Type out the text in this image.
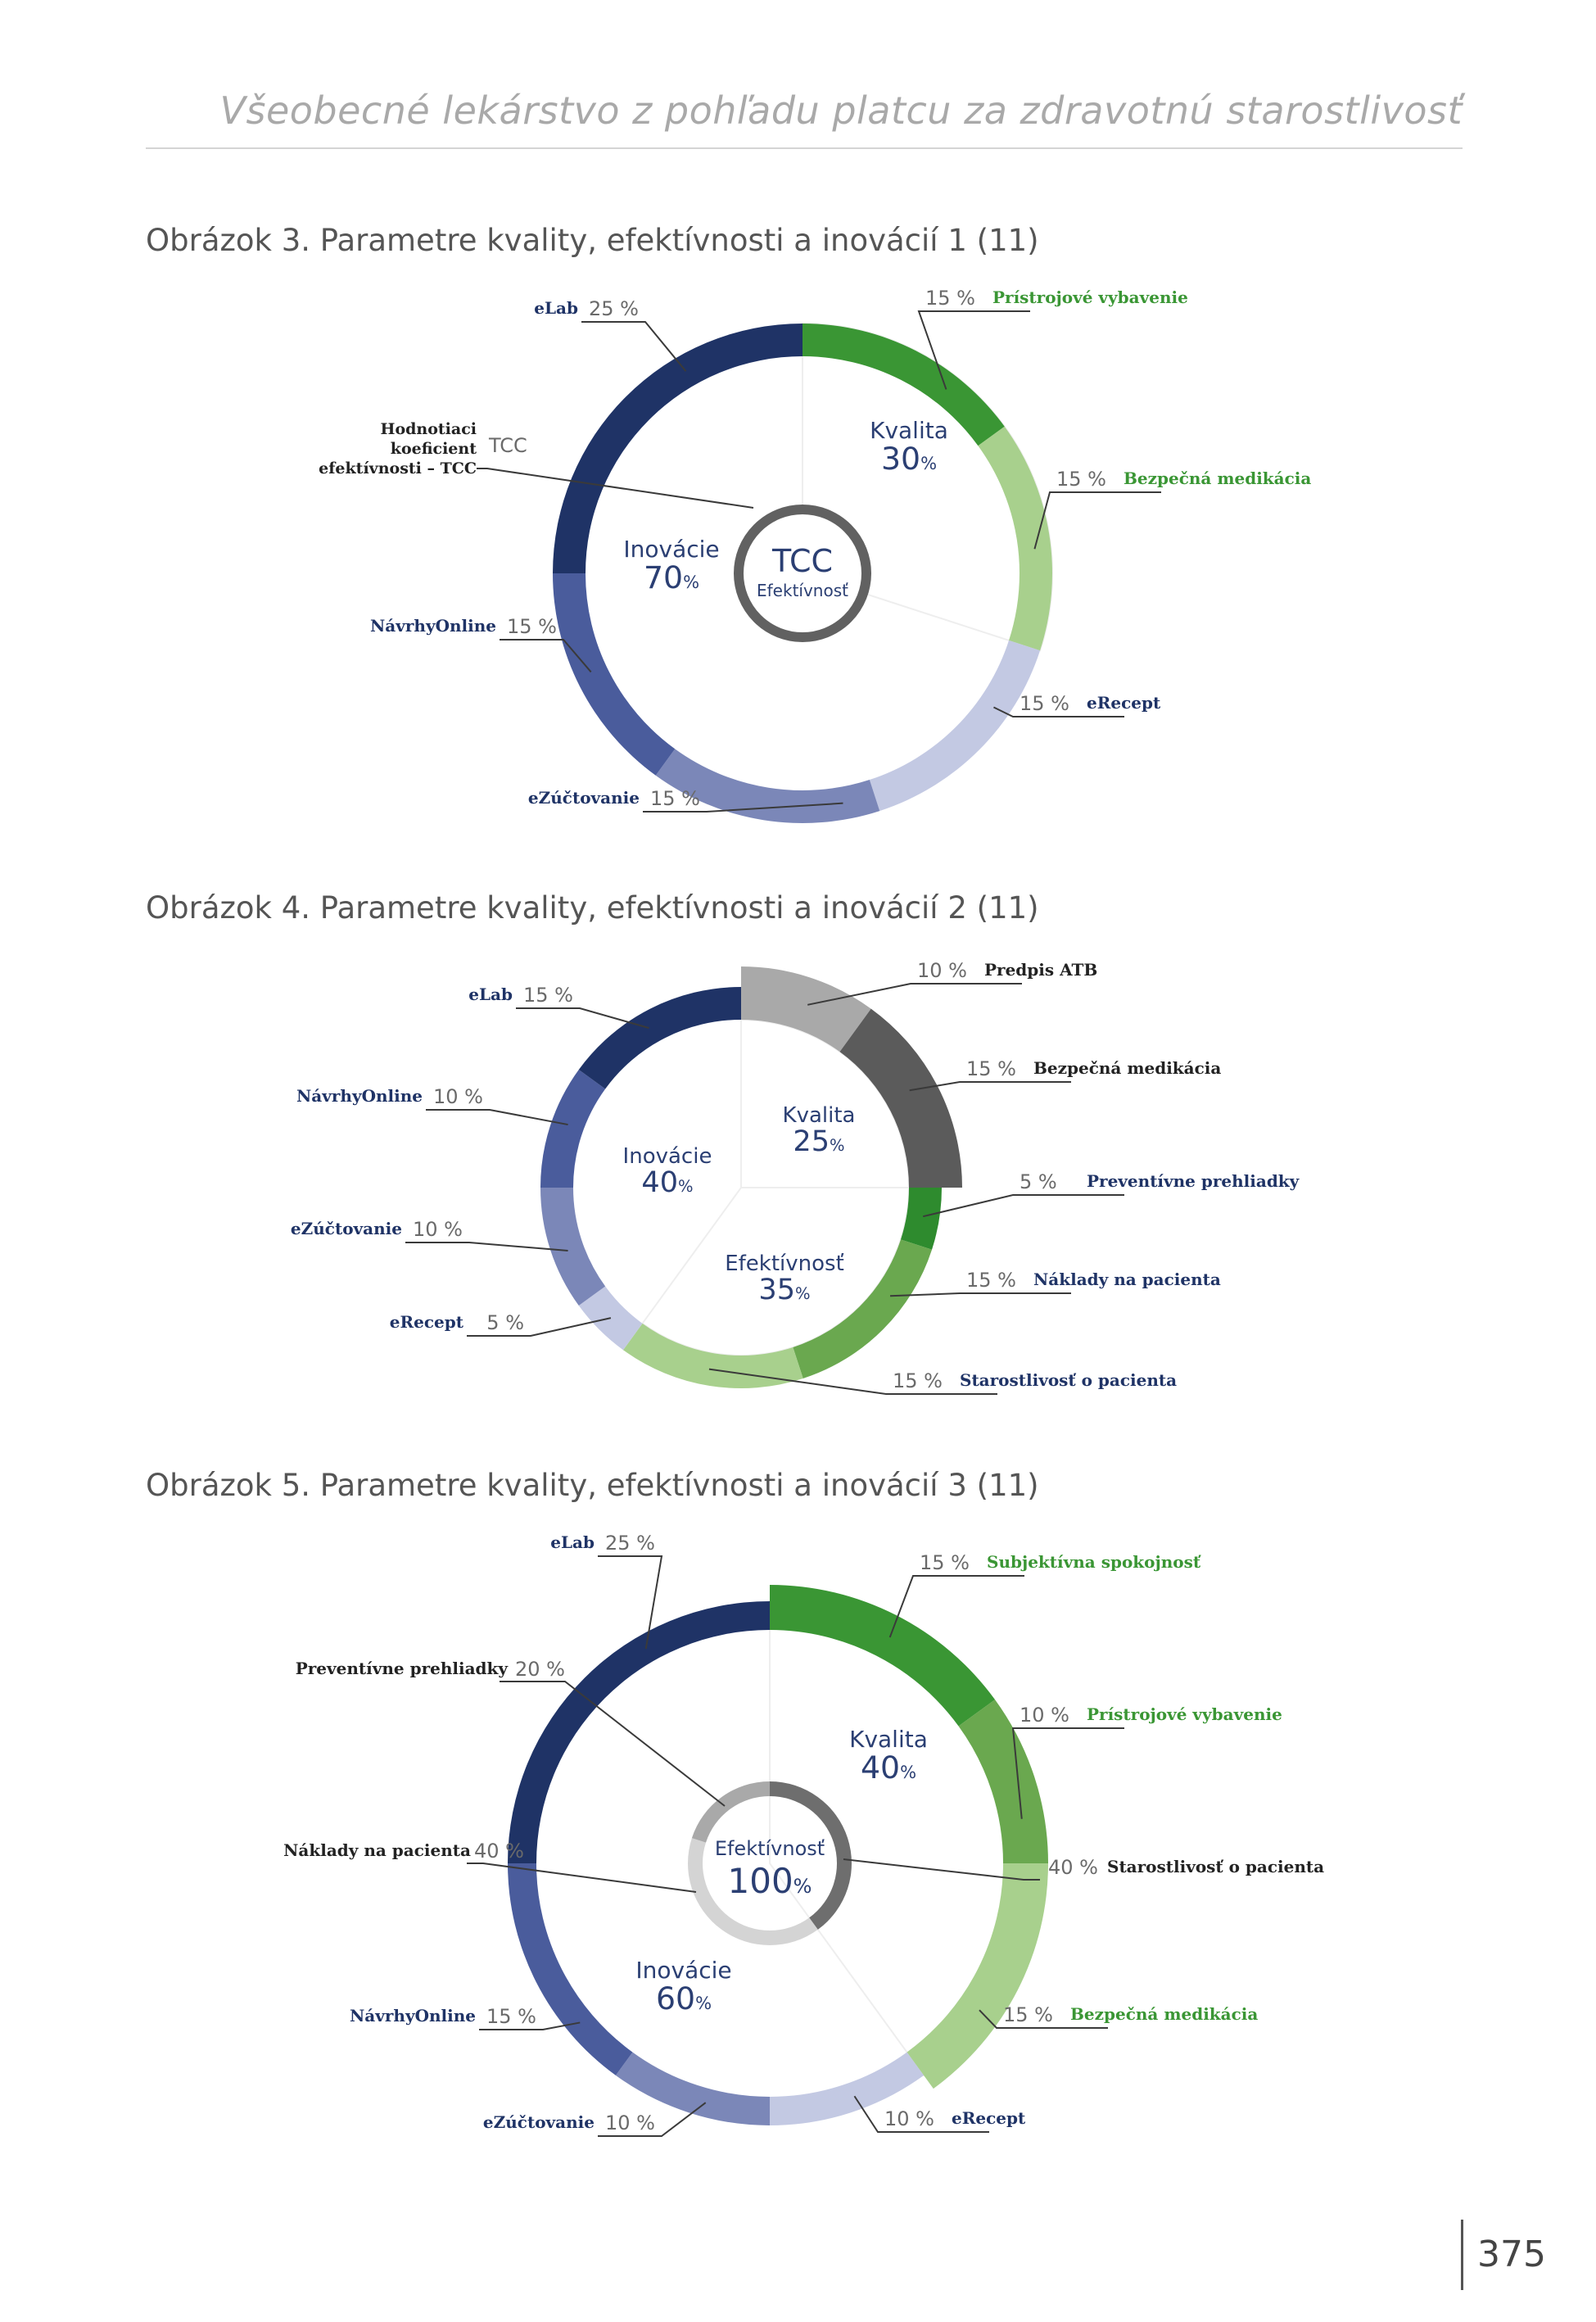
Všeobecné lekárstvo z pohľadu platcu za zdravotnú starostlivosť
Obrázok 3. Parametre kvality, efektívnosti a inovácií 1 (11)
15 % Prístrojové vybavenie
15 % Bezpečná medikácia
15 % eRecept
15 %
eZúčtovanie
15 %
NávrhyOnline
25 %
eLab
TCC
Efektívnosť
Kvalita
30%
Inovácie
70%
Hodnotiaci
koeficient
efektívnosti – TCC
TCC
Obrázok 4. Parametre kvality, efektívnosti a inovácií 2 (11)
10 % Predpis ATB
15 % Bezpečná medikácia
5 % Preventívne prehliadky
15 % Náklady na pacienta
15 % Starostlivosť o pacienta
5 %
eRecept
10 %
eZúčtovanie
10 %
NávrhyOnline
15 %
eLab
Kvalita
25%
Efektívnosť
35%
Inovácie
40%
Obrázok 5. Parametre kvality, efektívnosti a inovácií 3 (11)
15 % Subjektívna spokojnosť
10 % Prístrojové vybavenie
15 % Bezpečná medikácia
10 % eRecept
10 %
eZúčtovanie
15 %
NávrhyOnline
25 %
eLab
Efektívnosť
100%
40 % Starostlivosť o pacienta
40 %
Náklady na pacienta
20 %
Preventívne prehliadky
Kvalita
40%
Inovácie
60%
375
